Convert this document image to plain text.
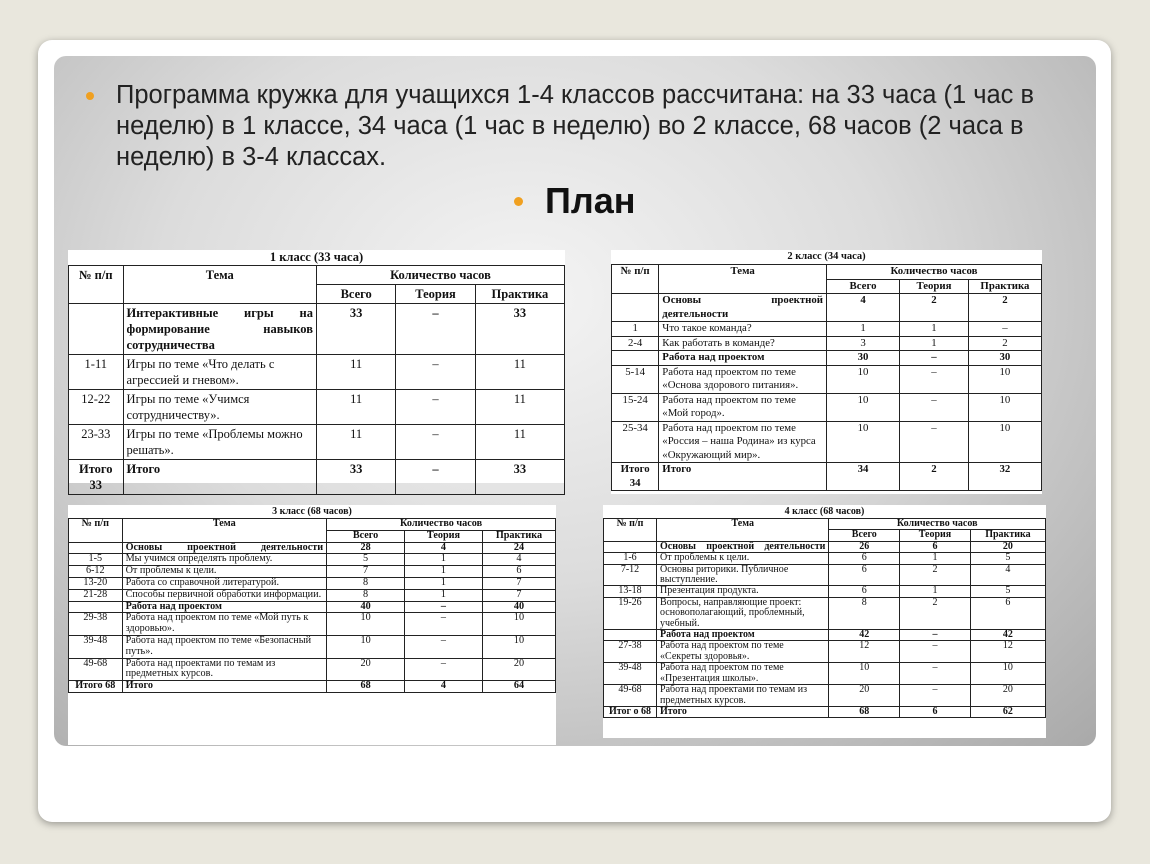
Программа кружка для учащихся 1-4 классов рассчитана: на 33 часа (1 час в неделю) в 1 классе, 34 часа (1 час в неделю) во 2 классе, 68 часов (2 часа в неделю) в 3-4 классах.
План
1 класс (33 часа)
№ п/п	Тема	Количество часов		
		Всего	Теория	Практика
	Интерактивные игры на формирование навыков сотрудничества	33	–	33
1-11	Игры по теме «Что делать с агрессией и гневом».	11	–	11
12-22	Игры по теме «Учимся сотрудничеству».	11	–	11
23-33	Игры по теме «Проблемы можно решать».	11	–	11
Итого 33	Итого	33	–	33
2 класс (34 часа)
№ п/п	Тема	Количество часов		
		Всего	Теория	Практика
	Основы проектной деятельности	4	2	2
1	Что такое команда?	1	1	–
2-4	Как работать в команде?	3	1	2
	Работа над проектом	30	–	30
5-14	Работа над проектом по теме «Основа здорового питания».	10	–	10
15-24	Работа над проектом по теме «Мой город».	10	–	10
25-34	Работа над проектом по теме «Россия – наша Родина» из курса «Окружающий мир».	10	–	10
Итого 34	Итого	34	2	32
3 класс (68 часов)
№ п/п	Тема	Количество часов		
		Всего	Теория	Практика
	Основы проектной деятельности	28	4	24
1-5	Мы учимся определять проблему.	5	1	4
6-12	От проблемы к цели.	7	1	6
13-20	Работа со справочной литературой.	8	1	7
21-28	Способы первичной обработки информации.	8	1	7
	Работа над проектом	40	–	40
29-38	Работа над проектом по теме «Мой путь к здоровью».	10	–	10
39-48	Работа над проектом по теме «Безопасный путь».	10	–	10
49-68	Работа над проектами по темам из предметных курсов.	20	–	20
Итого 68	Итого	68	4	64
4 класс (68 часов)
№ п/п	Тема	Количество часов		
		Всего	Теория	Практика
	Основы проектной деятельности	26	6	20
1-6	От проблемы к цели.	6	1	5
7-12	Основы риторики. Публичное выступление.	6	2	4
13-18	Презентация продукта.	6	1	5
19-26	Вопросы, направляющие проект: основополагающий, проблемный, учебный.	8	2	6
	Работа над проектом	42	–	42
27-38	Работа над проектом по теме «Секреты здоровья».	12	–	12
39-48	Работа над проектом по теме «Презентация школы».	10	–	10
49-68	Работа над проектами по темам из предметных курсов.	20	–	20
Итог о 68	Итого	68	6	62
